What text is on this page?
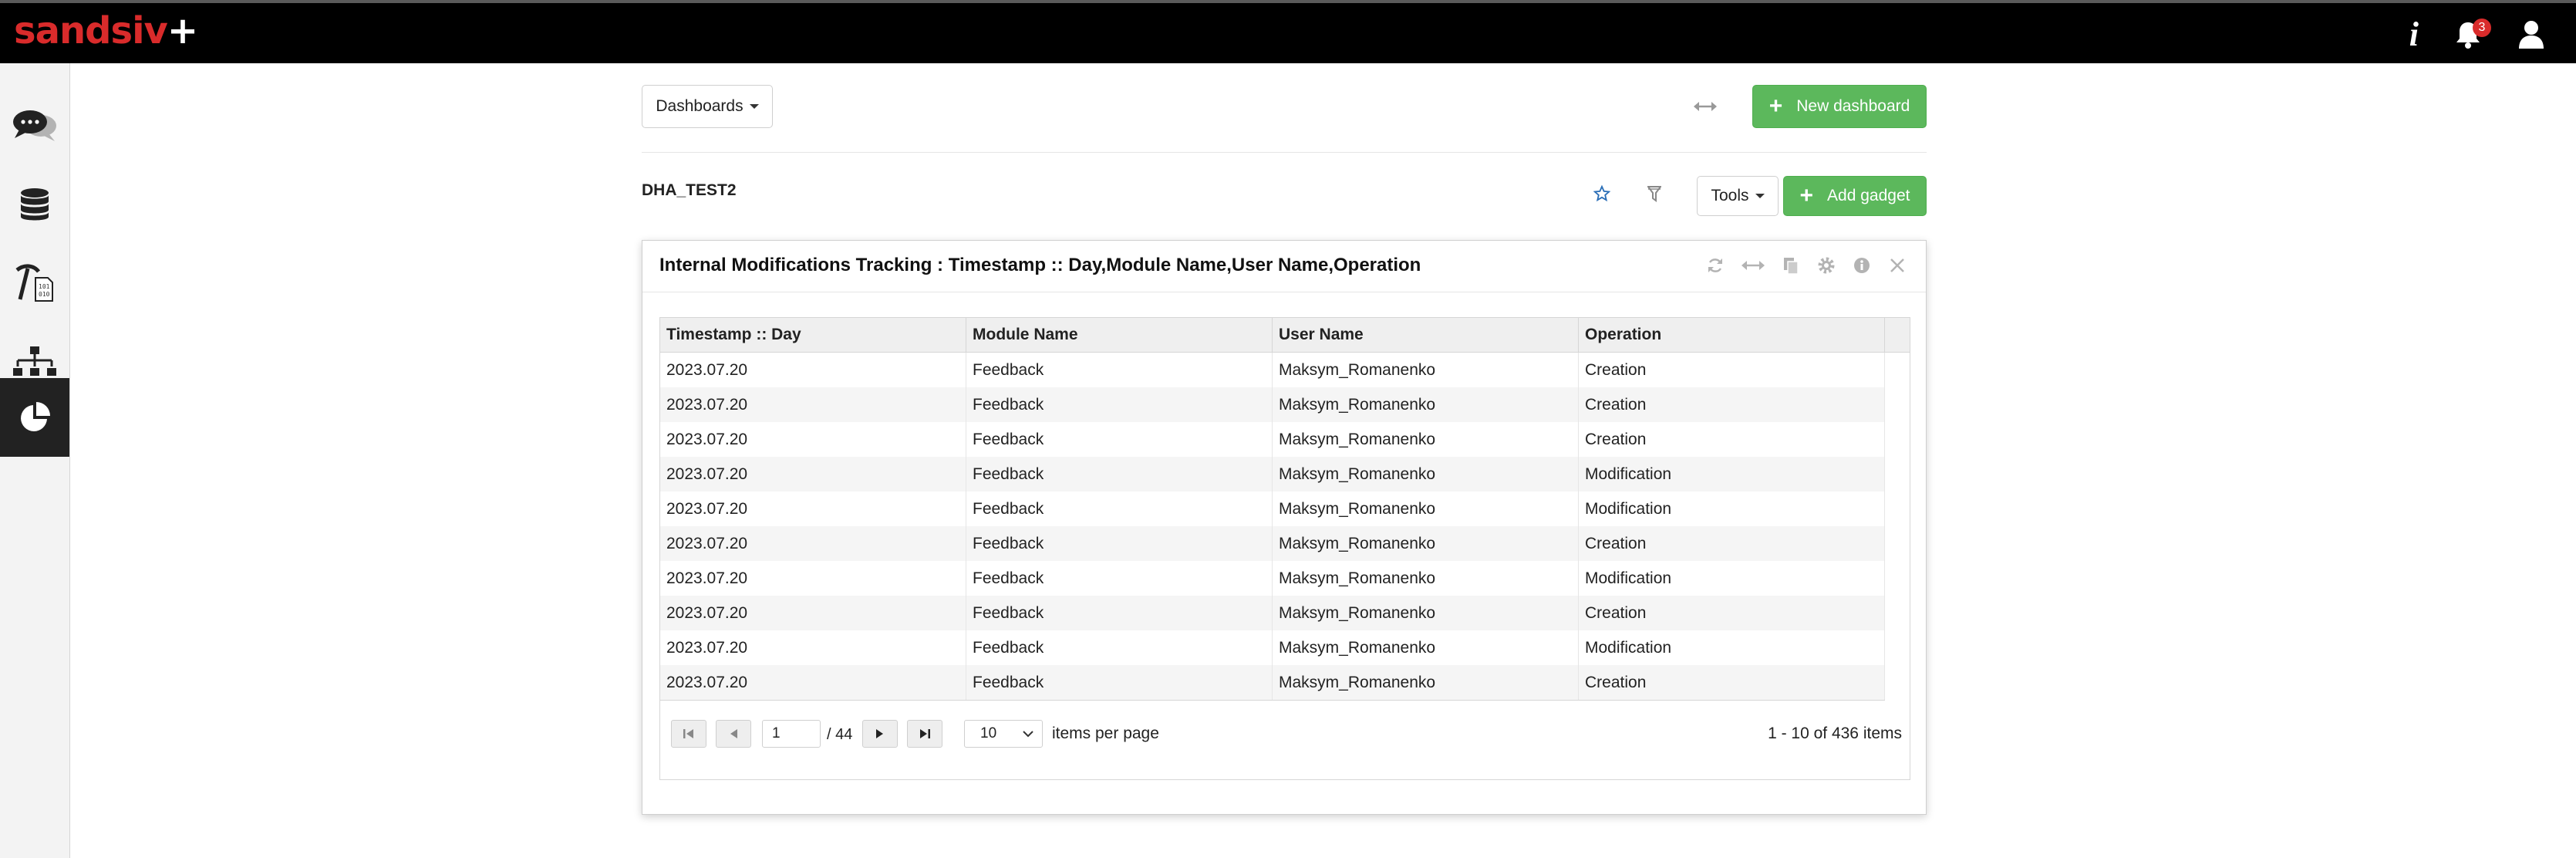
sandsiv+	i	3
101
010
Dashboards	+ New dashboard
DHA_TEST2	Tools + Add gadget
Internal Modifications Tracking : Timestamp :: Day,Module Name,User Name,Operation
Timestamp :: Day	Module Name	User Name	Operation
2023.07.20	Feedback	Maksym_Romanenko	Creation
2023.07.20	Feedback	Maksym_Romanenko	Creation
2023.07.20	Feedback	Maksym_Romanenko	Creation
2023.07.20	Feedback	Maksym_Romanenko	Modification
2023.07.20	Feedback	Maksym_Romanenko	Modification
2023.07.20	Feedback	Maksym_Romanenko	Creation
2023.07.20	Feedback	Maksym_Romanenko	Modification
2023.07.20	Feedback	Maksym_Romanenko	Creation
2023.07.20	Feedback	Maksym_Romanenko	Modification
2023.07.20	Feedback	Maksym_Romanenko	Creation
1	/ 44	10	items per page	1 - 10 of 436 items
